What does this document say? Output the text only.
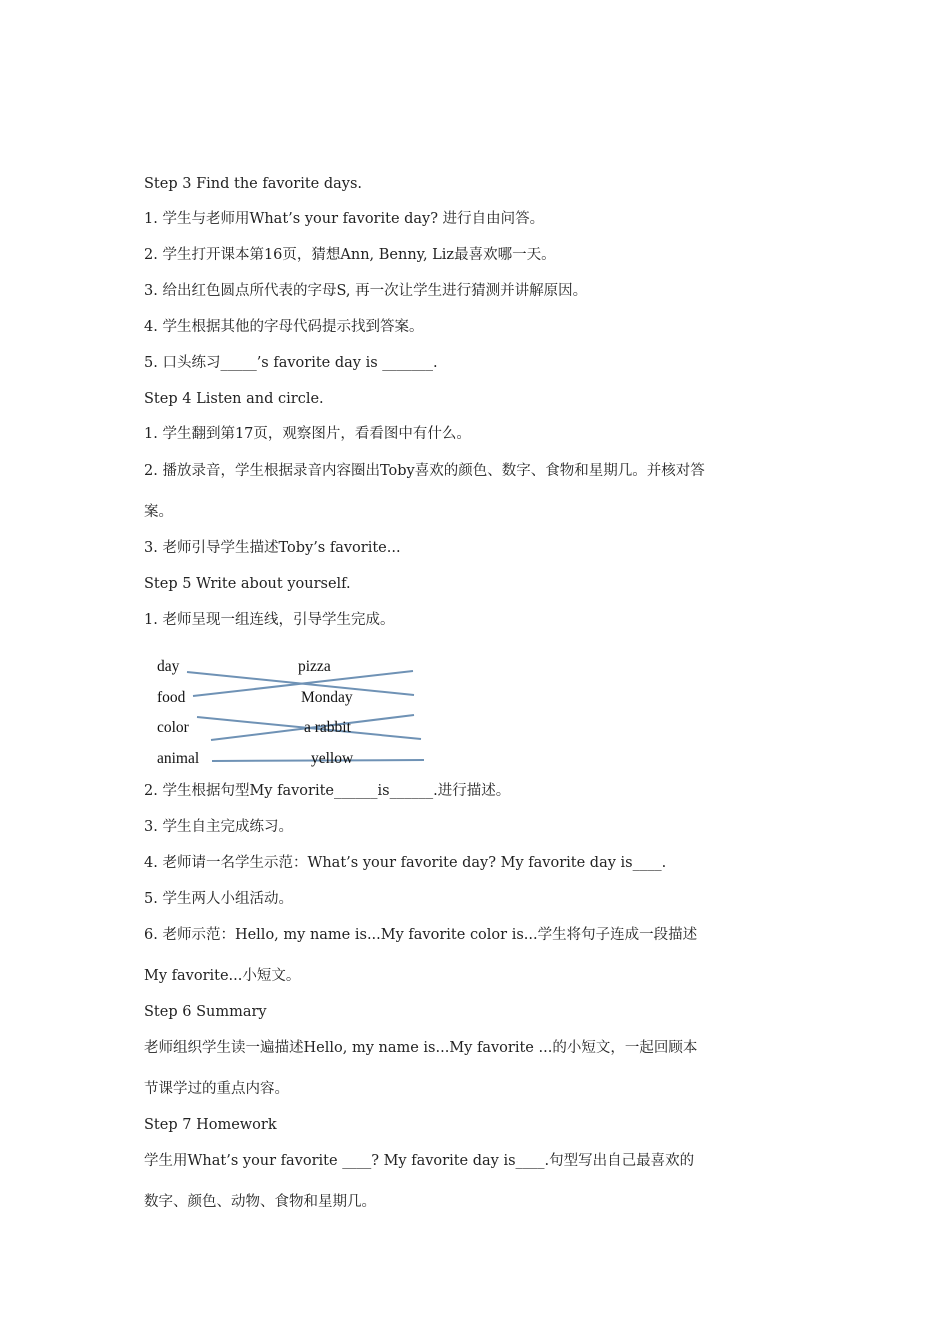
Step 3 Find the favorite days.
1. 学生与老师用What’s your favorite day? 进行自由问答。
2. 学生打开课本第16页，猜想Ann, Benny, Liz最喜欢哪一天。
3. 给出红色圆点所代表的字母S, 再一次让学生进行猜测并讲解原因。
4. 学生根据其他的字母代码提示找到答案。
5. 口头练习_____’s favorite day is _______.
Step 4 Listen and circle.
1. 学生翻到第17页，观察图片，看看图中有什么。
2. 播放录音，学生根据录音内容圈出Toby喜欢的颜色、数字、食物和星期几。并核对答
案。
3. 老师引导学生描述Toby’s favorite...
Step 5 Write about yourself.
1. 老师呈现一组连线，引导学生完成。
day
food
color
animal
pizza
Monday
a rabbit
yellow
2. 学生根据句型My favorite______is______.进行描述。
3. 学生自主完成练习。
4. 老师请一名学生示范：What’s your favorite day? My favorite day is____.
5. 学生两人小组活动。
6. 老师示范：Hello, my name is...My favorite color is...学生将句子连成一段描述
My favorite...小短文。
Step 6 Summary
老师组织学生读一遍描述Hello, my name is...My favorite ...的小短文，一起回顾本
节课学过的重点内容。
Step 7 Homework
学生用What’s your favorite ____? My favorite day is____.句型写出自己最喜欢的
数字、颜色、动物、食物和星期几。
